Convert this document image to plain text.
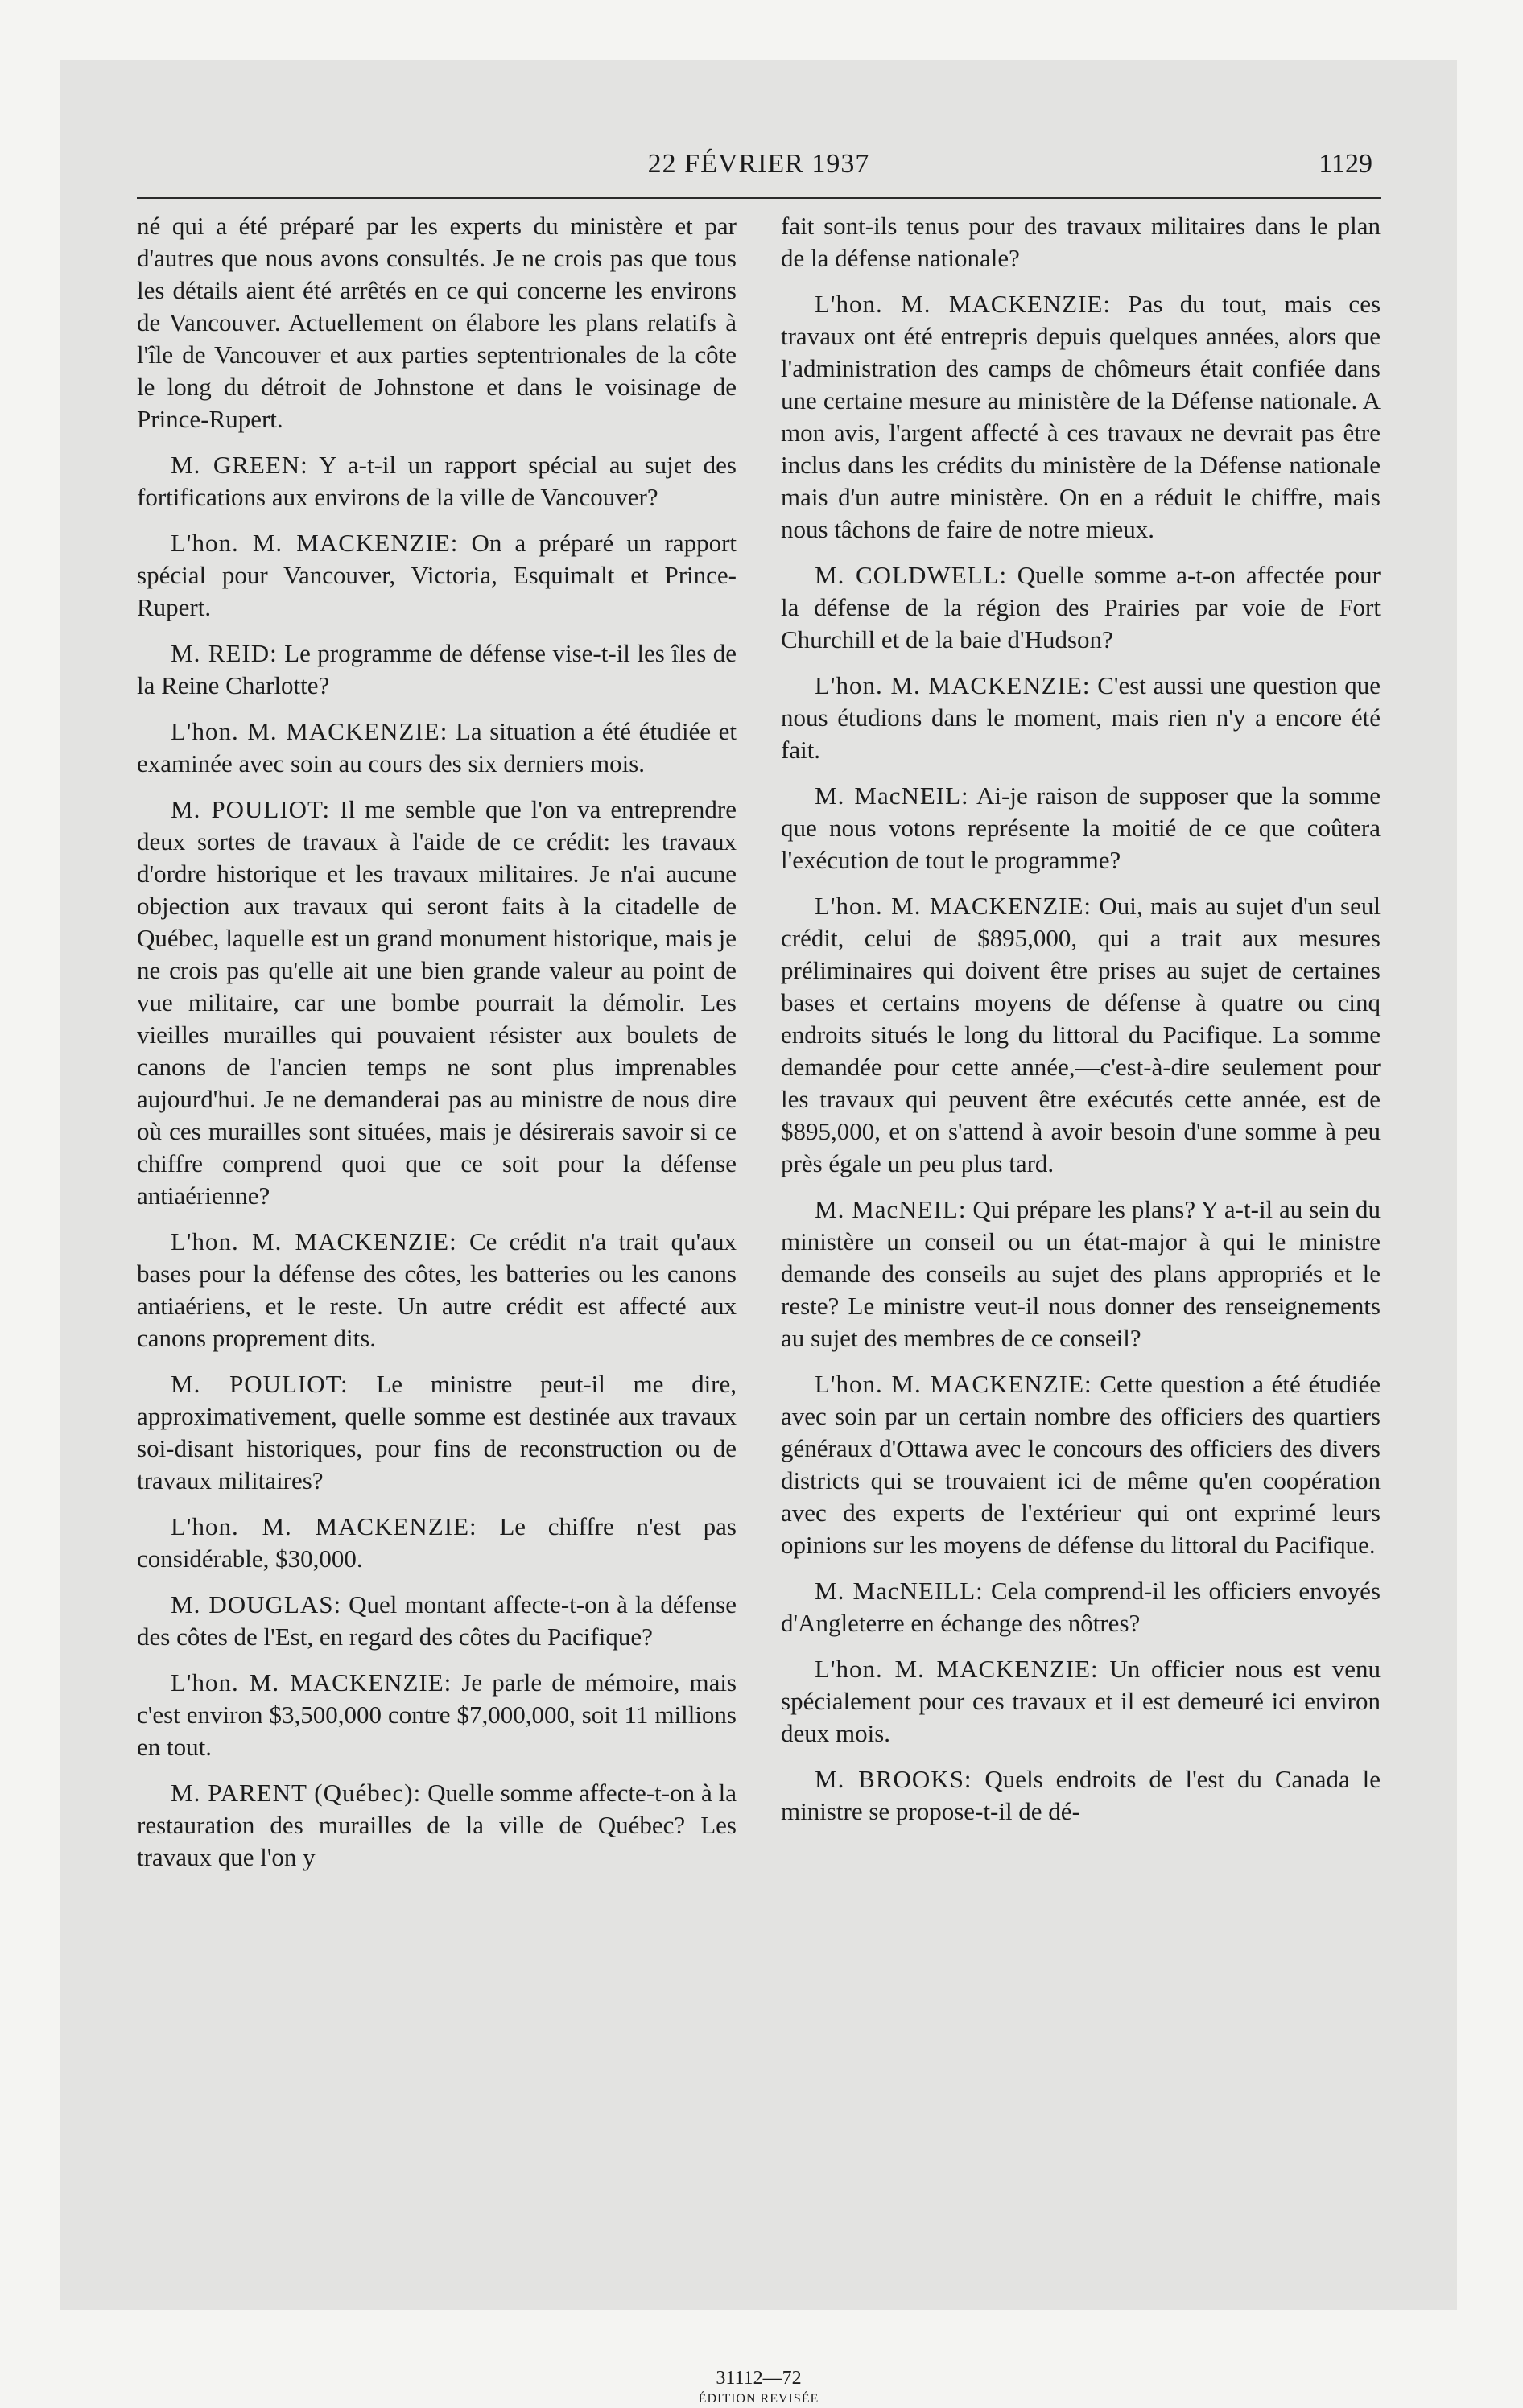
22 FÉVRIER 1937	1129

né qui a été préparé par les experts du ministère et par d'autres que nous avons consultés. Je ne crois pas que tous les détails aient été arrêtés en ce qui concerne les environs de Vancouver. Actuellement on élabore les plans relatifs à l'île de Vancouver et aux parties septentrionales de la côte le long du détroit de Johnstone et dans le voisinage de Prince-Rupert.

M. GREEN: Y a-t-il un rapport spécial au sujet des fortifications aux environs de la ville de Vancouver?

L'hon. M. MACKENZIE: On a préparé un rapport spécial pour Vancouver, Victoria, Esquimalt et Prince-Rupert.

M. REID: Le programme de défense vise-t-il les îles de la Reine Charlotte?

L'hon. M. MACKENZIE: La situation a été étudiée et examinée avec soin au cours des six derniers mois.

M. POULIOT: Il me semble que l'on va entreprendre deux sortes de travaux à l'aide de ce crédit: les travaux d'ordre historique et les travaux militaires. Je n'ai aucune objection aux travaux qui seront faits à la citadelle de Québec, laquelle est un grand monument historique, mais je ne crois pas qu'elle ait une bien grande valeur au point de vue militaire, car une bombe pourrait la démolir. Les vieilles murailles qui pouvaient résister aux boulets de canons de l'ancien temps ne sont plus imprenables aujourd'hui. Je ne demanderai pas au ministre de nous dire où ces murailles sont situées, mais je désirerais savoir si ce chiffre comprend quoi que ce soit pour la défense antiaérienne?

L'hon. M. MACKENZIE: Ce crédit n'a trait qu'aux bases pour la défense des côtes, les batteries ou les canons antiaériens, et le reste. Un autre crédit est affecté aux canons proprement dits.

M. POULIOT: Le ministre peut-il me dire, approximativement, quelle somme est destinée aux travaux soi-disant historiques, pour fins de reconstruction ou de travaux militaires?

L'hon. M. MACKENZIE: Le chiffre n'est pas considérable, $30,000.

M. DOUGLAS: Quel montant affecte-t-on à la défense des côtes de l'Est, en regard des côtes du Pacifique?

L'hon. M. MACKENZIE: Je parle de mémoire, mais c'est environ $3,500,000 contre $7,000,000, soit 11 millions en tout.

M. PARENT (Québec): Quelle somme affecte-t-on à la restauration des murailles de la ville de Québec? Les travaux que l'on y

fait sont-ils tenus pour des travaux militaires dans le plan de la défense nationale?

L'hon. M. MACKENZIE: Pas du tout, mais ces travaux ont été entrepris depuis quelques années, alors que l'administration des camps de chômeurs était confiée dans une certaine mesure au ministère de la Défense nationale. A mon avis, l'argent affecté à ces travaux ne devrait pas être inclus dans les crédits du ministère de la Défense nationale mais d'un autre ministère. On en a réduit le chiffre, mais nous tâchons de faire de notre mieux.

M. COLDWELL: Quelle somme a-t-on affectée pour la défense de la région des Prairies par voie de Fort Churchill et de la baie d'Hudson?

L'hon. M. MACKENZIE: C'est aussi une question que nous étudions dans le moment, mais rien n'y a encore été fait.

M. MacNEIL: Ai-je raison de supposer que la somme que nous votons représente la moitié de ce que coûtera l'exécution de tout le programme?

L'hon. M. MACKENZIE: Oui, mais au sujet d'un seul crédit, celui de $895,000, qui a trait aux mesures préliminaires qui doivent être prises au sujet de certaines bases et certains moyens de défense à quatre ou cinq endroits situés le long du littoral du Pacifique. La somme demandée pour cette année,—c'est-à-dire seulement pour les travaux qui peuvent être exécutés cette année, est de $895,000, et on s'attend à avoir besoin d'une somme à peu près égale un peu plus tard.

M. MacNEIL: Qui prépare les plans? Y a-t-il au sein du ministère un conseil ou un état-major à qui le ministre demande des conseils au sujet des plans appropriés et le reste? Le ministre veut-il nous donner des renseignements au sujet des membres de ce conseil?

L'hon. M. MACKENZIE: Cette question a été étudiée avec soin par un certain nombre des officiers des quartiers généraux d'Ottawa avec le concours des officiers des divers districts qui se trouvaient ici de même qu'en coopération avec des experts de l'extérieur qui ont exprimé leurs opinions sur les moyens de défense du littoral du Pacifique.

M. MacNEILL: Cela comprend-il les officiers envoyés d'Angleterre en échange des nôtres?

L'hon. M. MACKENZIE: Un officier nous est venu spécialement pour ces travaux et il est demeuré ici environ deux mois.

M. BROOKS: Quels endroits de l'est du Canada le ministre se propose-t-il de dé-

31112—72
ÉDITION REVISÉE
